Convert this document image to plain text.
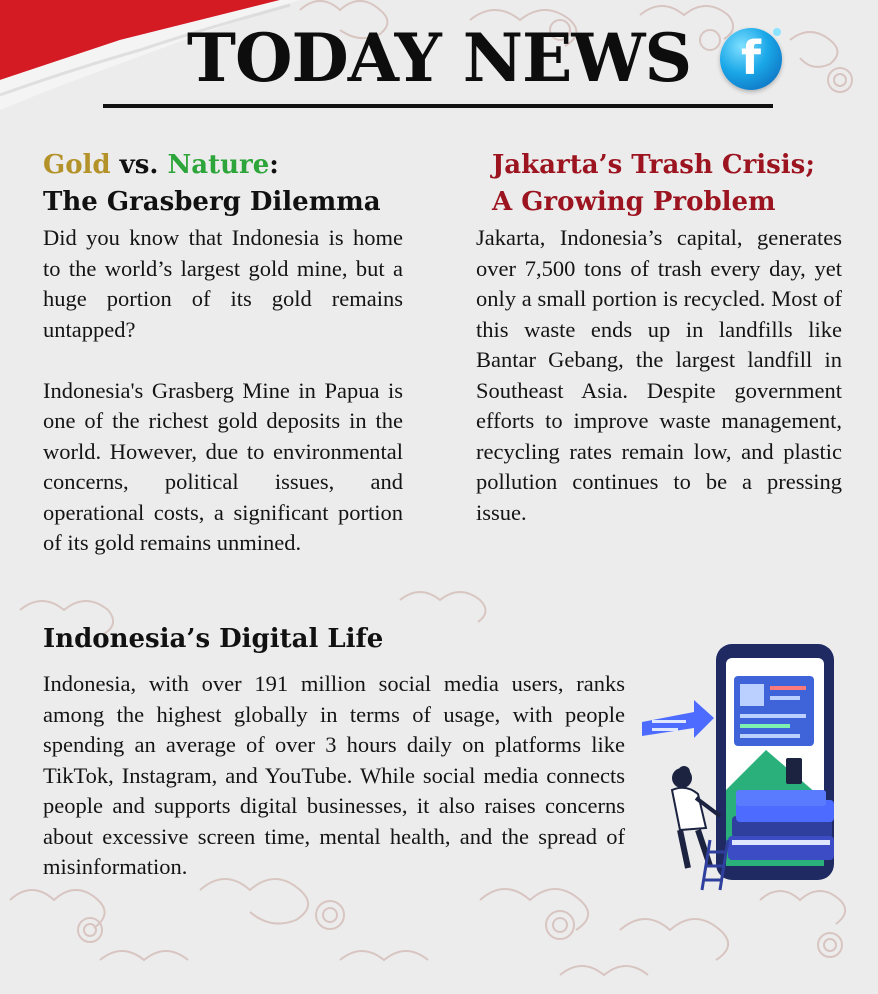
TODAY NEWS	f
Gold vs. Nature:
The Grasberg Dilemma

Did you know that Indonesia is home to the world’s largest gold mine, but a huge portion of its gold remains untapped?

Indonesia's Grasberg Mine in Papua is one of the richest gold deposits in the world. However, due to environmental concerns, political issues, and operational costs, a significant portion of its gold remains unmined.

Jakarta’s Trash Crisis;
A Growing Problem

Jakarta, Indonesia’s capital, generates over 7,500 tons of trash every day, yet only a small portion is recycled. Most of this waste ends up in landfills like Bantar Gebang, the largest landfill in Southeast Asia. Despite government efforts to improve waste management, recycling rates remain low, and plastic pollution continues to be a pressing issue.

Indonesia’s Digital Life

Indonesia, with over 191 million social media users, ranks among the highest globally in terms of usage, with people spending an average of over 3 hours daily on platforms like TikTok, Instagram, and YouTube. While social media connects people and supports digital businesses, it also raises concerns about excessive screen time, mental health, and the spread of misinformation.
